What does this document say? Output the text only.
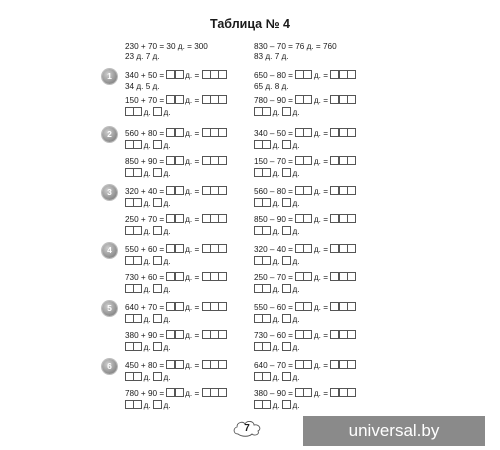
Таблица № 4
230 + 70 = 30 д. = 300
23 д. 7 д.
830 – 70 = 76 д. = 760
83 д. 7 д.
1	340 + 50 =  д. =
34 д. 5 д.
150 + 70 =  д. =
д.  д.
650 – 80 =  д. =
65 д. 8 д.
780 – 90 =  д. =
д.  д.
2	560 + 80 =  д. =
д.  д.
850 + 90 =  д. =
д.  д.
340 – 50 =  д. =
д.  д.
150 – 70 =  д. =
д.  д.
3	320 + 40 =  д. =
д.  д.
250 + 70 =  д. =
д.  д.
560 – 80 =  д. =
д.  д.
850 – 90 =  д. =
д.  д.
4	550 + 60 =  д. =
д.  д.
730 + 60 =  д. =
д.  д.
320 – 40 =  д. =
д.  д.
250 – 70 =  д. =
д.  д.
5	640 + 70 =  д. =
д.  д.
380 + 90 =  д. =
д.  д.
550 – 60 =  д. =
д.  д.
730 – 60 =  д. =
д.  д.
6	450 + 80 =  д. =
д.  д.
780 + 90 =  д. =
д.  д.
640 – 70 =  д. =
д.  д.
380 – 90 =  д. =
д.  д.
7	universal.by
